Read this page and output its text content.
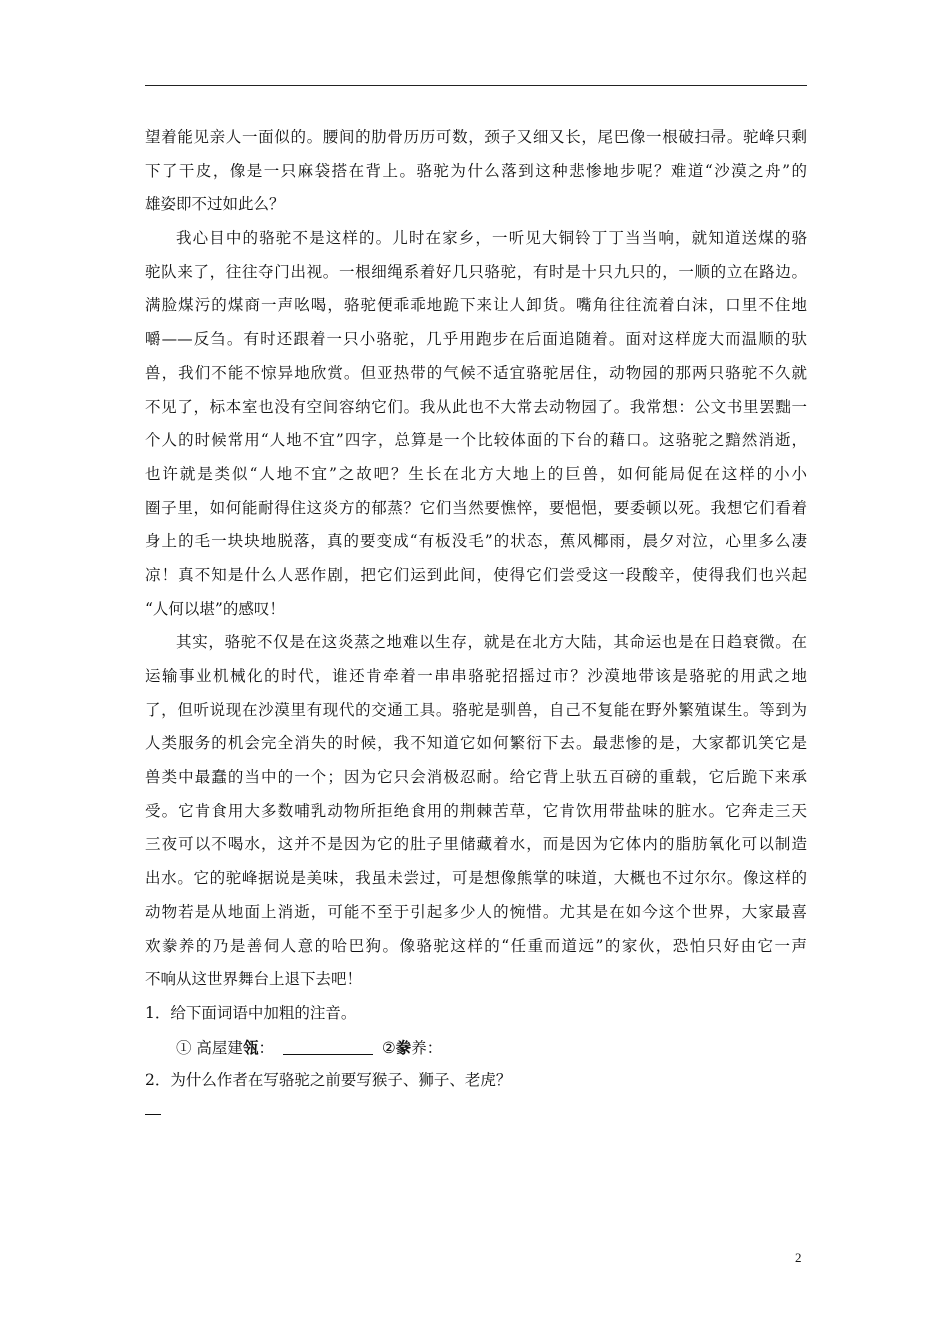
望着能见亲人一面似的。腰间的肋骨历历可数，颈子又细又长，尾巴像一根破扫帚。驼峰只剩
下了干皮，像是一只麻袋搭在背上。骆驼为什么落到这种悲惨地步呢？难道“沙漠之舟”的
雄姿即不过如此么？
我心目中的骆驼不是这样的。儿时在家乡，一听见大铜铃丁丁当当响，就知道送煤的骆
驼队来了，往往夺门出视。一根细绳系着好几只骆驼，有时是十只九只的，一顺的立在路边。
满脸煤污的煤商一声吆喝，骆驼便乖乖地跪下来让人卸货。嘴角往往流着白沫，口里不住地
嚼——反刍。有时还跟着一只小骆驼，几乎用跑步在后面追随着。面对这样庞大而温顺的驮
兽，我们不能不惊异地欣赏。但亚热带的气候不适宜骆驼居住，动物园的那两只骆驼不久就
不见了，标本室也没有空间容纳它们。我从此也不大常去动物园了。我常想：公文书里罢黜一
个人的时候常用“人地不宜”四字，总算是一个比较体面的下台的藉口。这骆驼之黯然消逝，
也许就是类似“人地不宜”之故吧？生长在北方大地上的巨兽，如何能局促在这样的小小
圈子里，如何能耐得住这炎方的郁蒸？它们当然要憔悴，要悒悒，要委顿以死。我想它们看着
身上的毛一块块地脱落，真的要变成“有板没毛”的状态，蕉风椰雨，晨夕对泣，心里多么凄
凉！真不知是什么人恶作剧，把它们运到此间，使得它们尝受这一段酸辛，使得我们也兴起
“人何以堪”的感叹！
其实，骆驼不仅是在这炎蒸之地难以生存，就是在北方大陆，其命运也是在日趋衰微。在
运输事业机械化的时代，谁还肯牵着一串串骆驼招摇过市？沙漠地带该是骆驼的用武之地
了，但听说现在沙漠里有现代的交通工具。骆驼是驯兽，自己不复能在野外繁殖谋生。等到为
人类服务的机会完全消失的时候，我不知道它如何繁衍下去。最悲惨的是，大家都讥笑它是
兽类中最蠢的当中的一个；因为它只会消极忍耐。给它背上驮五百磅的重载，它后跪下来承
受。它肯食用大多数哺乳动物所拒绝食用的荆棘苦草，它肯饮用带盐味的脏水。它奔走三天
三夜可以不喝水，这并不是因为它的肚子里储藏着水，而是因为它体内的脂肪氧化可以制造
出水。它的驼峰据说是美味，我虽未尝过，可是想像熊掌的味道，大概也不过尔尔。像这样的
动物若是从地面上消逝，可能不至于引起多少人的惋惜。尤其是在如今这个世界，大家最喜
欢豢养的乃是善伺人意的哈巴狗。像骆驼这样的“任重而道远”的家伙，恐怕只好由它一声
不响从这世界舞台上退下去吧！
1．给下面词语中加粗的注音。
① 高屋建瓴：	②豢养：
2．为什么作者在写骆驼之前要写猴子、狮子、老虎？
2
